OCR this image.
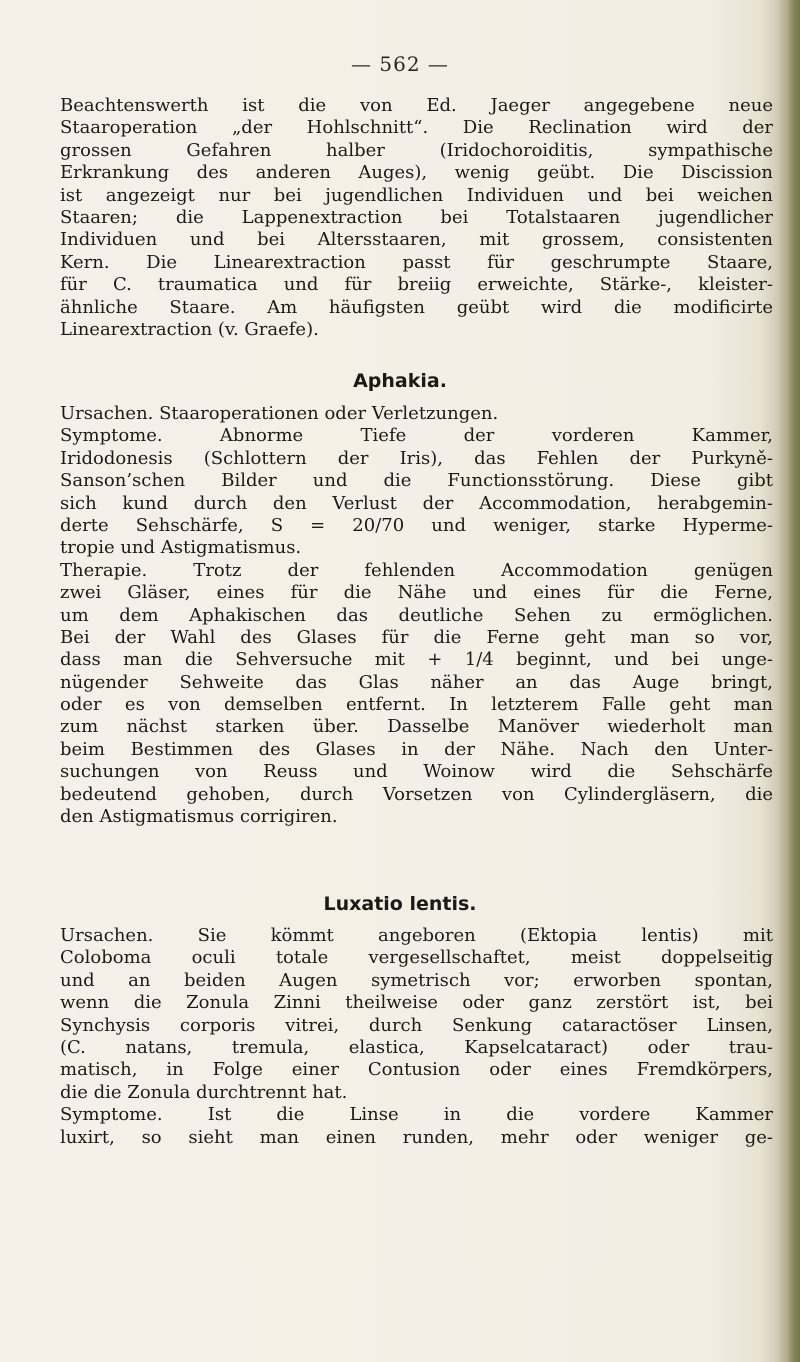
— 562 —
Beachtenswerth ist die von Ed. Jaeger angegebene neue
Staaroperation „der Hohlschnitt“. Die Reclination wird der
grossen Gefahren halber (Iridochoroiditis, sympathische
Erkrankung des anderen Auges), wenig geübt. Die Discission
ist angezeigt nur bei jugendlichen Individuen und bei weichen
Staaren; die Lappenextraction bei Totalstaaren jugendlicher
Individuen und bei Altersstaaren, mit grossem, consistenten
Kern. Die Linearextraction passt für geschrumpte Staare,
für C. traumatica und für breiig erweichte, Stärke-, kleister-
ähnliche Staare. Am häufigsten geübt wird die modificirte
Linearextraction (v. Graefe).
Aphakia.
Ursachen. Staaroperationen oder Verletzungen.
Symptome. Abnorme Tiefe der vorderen Kammer,
Iridodonesis (Schlottern der Iris), das Fehlen der Purkyně-
Sanson’schen Bilder und die Functionsstörung. Diese gibt
sich kund durch den Verlust der Accommodation, herabgemin-
derte Sehschärfe, S = 20/70 und weniger, starke Hyperme-
tropie und Astigmatismus.
Therapie. Trotz der fehlenden Accommodation genügen
zwei Gläser, eines für die Nähe und eines für die Ferne,
um dem Aphakischen das deutliche Sehen zu ermöglichen.
Bei der Wahl des Glases für die Ferne geht man so vor,
dass man die Sehversuche mit + 1/4 beginnt, und bei unge-
nügender Sehweite das Glas näher an das Auge bringt,
oder es von demselben entfernt. In letzterem Falle geht man
zum nächst starken über. Dasselbe Manöver wiederholt man
beim Bestimmen des Glases in der Nähe. Nach den Unter-
suchungen von Reuss und Woinow wird die Sehschärfe
bedeutend gehoben, durch Vorsetzen von Cylindergläsern, die
den Astigmatismus corrigiren.
Luxatio lentis.
Ursachen. Sie kömmt angeboren (Ektopia lentis) mit
Coloboma oculi totale vergesellschaftet, meist doppelseitig
und an beiden Augen symetrisch vor; erworben spontan,
wenn die Zonula Zinni theilweise oder ganz zerstört ist, bei
Synchysis corporis vitrei, durch Senkung cataractöser Linsen,
(C. natans, tremula, elastica, Kapselcataract) oder trau-
matisch, in Folge einer Contusion oder eines Fremdkörpers,
die die Zonula durchtrennt hat.
Symptome. Ist die Linse in die vordere Kammer
luxirt, so sieht man einen runden, mehr oder weniger ge-
